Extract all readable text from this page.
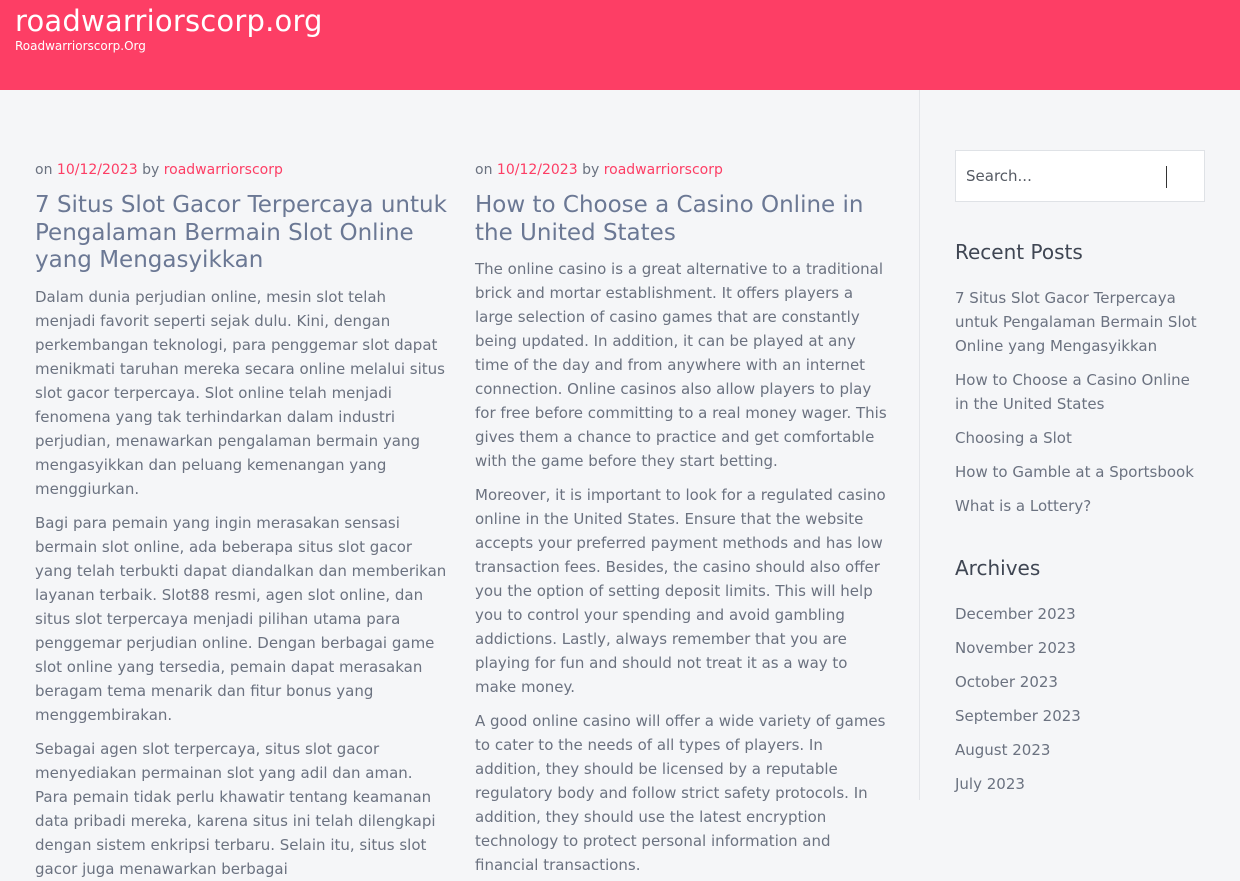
roadwarriorscorp.org
Roadwarriorscorp.Org
on 10/12/2023 by roadwarriorscorp
7 Situs Slot Gacor Terpercaya untuk Pengalaman Bermain Slot Online yang Mengasyikkan

Dalam dunia perjudian online, mesin slot telah menjadi favorit seperti sejak dulu. Kini, dengan perkembangan teknologi, para penggemar slot dapat menikmati taruhan mereka secara online melalui situs slot gacor terpercaya. Slot online telah menjadi fenomena yang tak terhindarkan dalam industri perjudian, menawarkan pengalaman bermain yang mengasyikkan dan peluang kemenangan yang menggiurkan.

Bagi para pemain yang ingin merasakan sensasi bermain slot online, ada beberapa situs slot gacor yang telah terbukti dapat diandalkan dan memberikan layanan terbaik. Slot88 resmi, agen slot online, dan situs slot terpercaya menjadi pilihan utama para penggemar perjudian online. Dengan berbagai game slot online yang tersedia, pemain dapat merasakan beragam tema menarik dan fitur bonus yang menggembirakan.

Sebagai agen slot terpercaya, situs slot gacor menyediakan permainan slot yang adil dan aman. Para pemain tidak perlu khawatir tentang keamanan data pribadi mereka, karena situs ini telah dilengkapi dengan sistem enkripsi terbaru. Selain itu, situs slot gacor juga menawarkan berbagai

on 10/12/2023 by roadwarriorscorp
How to Choose a Casino Online in the United States

The online casino is a great alternative to a traditional brick and mortar establishment. It offers players a large selection of casino games that are constantly being updated. In addition, it can be played at any time of the day and from anywhere with an internet connection. Online casinos also allow players to play for free before committing to a real money wager. This gives them a chance to practice and get comfortable with the game before they start betting.

Moreover, it is important to look for a regulated casino online in the United States. Ensure that the website accepts your preferred payment methods and has low transaction fees. Besides, the casino should also offer you the option of setting deposit limits. This will help you to control your spending and avoid gambling addictions. Lastly, always remember that you are playing for fun and should not treat it as a way to make money.

A good online casino will offer a wide variety of games to cater to the needs of all types of players. In addition, they should be licensed by a reputable regulatory body and follow strict safety protocols. In addition, they should use the latest encryption technology to protect personal information and financial transactions.

Search...
Recent Posts
7 Situs Slot Gacor Terpercaya untuk Pengalaman Bermain Slot Online yang Mengasyikkan
How to Choose a Casino Online in the United States
Choosing a Slot
How to Gamble at a Sportsbook
What is a Lottery?
Archives
December 2023
November 2023
October 2023
September 2023
August 2023
July 2023
